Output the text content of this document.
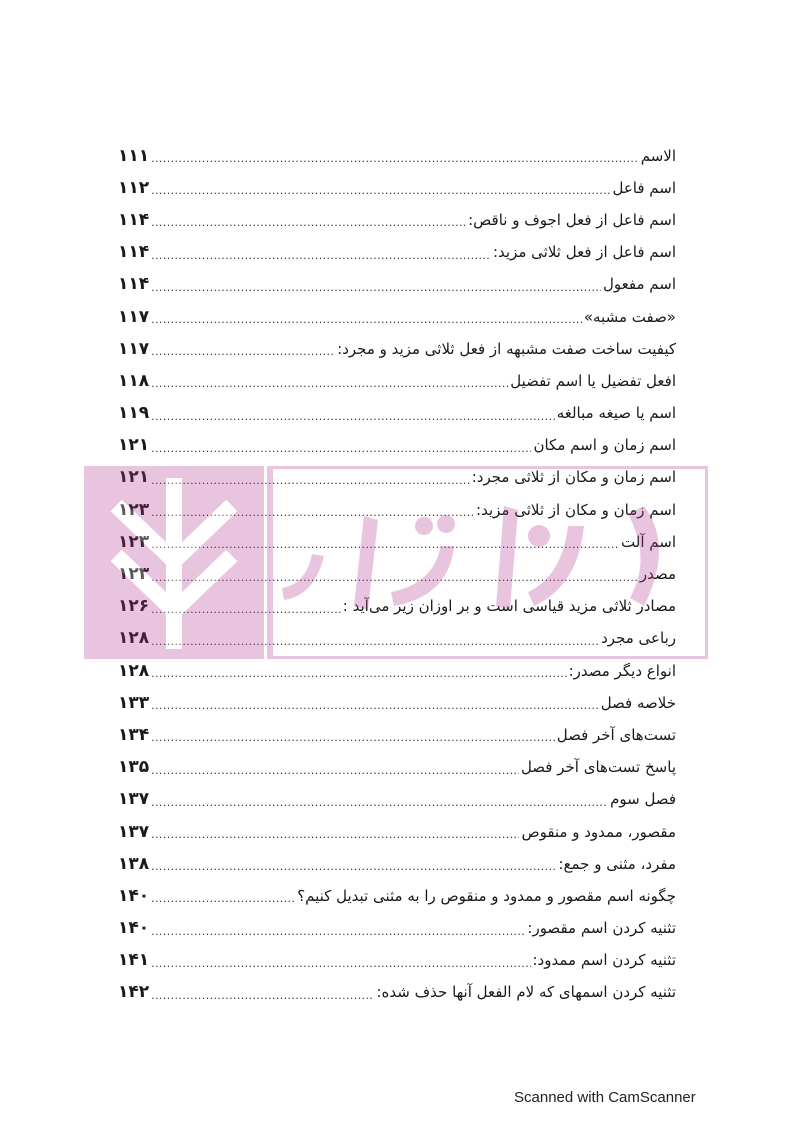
الاسم
.....
۱۱۱
اسم فاعل
.....
۱۱۲
اسم فاعل از فعل اجوف و ناقص:
.....
۱۱۴
اسم فاعل از فعل ثلاثی مزید:
.....
۱۱۴
اسم مفعول
.....
۱۱۴
«صفت مشبه»
.....
۱۱۷
کیفیت ساخت صفت مشبهه از فعل ثلاثی مزید و مجرد:
.....
۱۱۷
افعل تفضیل یا اسم تفضیل
.....
۱۱۸
اسم یا صیغه مبالغه
.....
۱۱۹
اسم زمان و اسم مکان
.....
۱۲۱
اسم زمان و مکان از ثلاثی مجرد:
.....
۱۲۱
اسم زمان و مکان از ثلاثی مزید:
.....
۱۲۳
اسم آلت
.....
۱۲۳
مصدر
.....
۱۲۳
مصادر ثلاثی مزید قیاسی است و بر اوزان زیر می‌آید :
.....
۱۲۶
رباعی مجرد
.....
۱۲۸
انواع دیگر مصدر:
.....
۱۲۸
خلاصه فصل
.....
۱۳۳
تست‌های آخر فصل
.....
۱۳۴
پاسخ تست‌های آخر فصل
.....
۱۳۵
فصل سوم
.....
۱۳۷
مقصور، ممدود و منقوص
.....
۱۳۷
مفرد، مثنی و جمع:
.....
۱۳۸
چگونه اسم مقصور و ممدود و منقوص را به مثنی تبدیل کنیم؟
.....
۱۴۰
تثنیه کردن اسم مقصور:
.....
۱۴۰
تثنیه کردن اسم ممدود:
.....
۱۴۱
تثنیه کردن اسمهای که لام الفعل آنها حذف شده:
.....
۱۴۲
Scanned with CamScanner
